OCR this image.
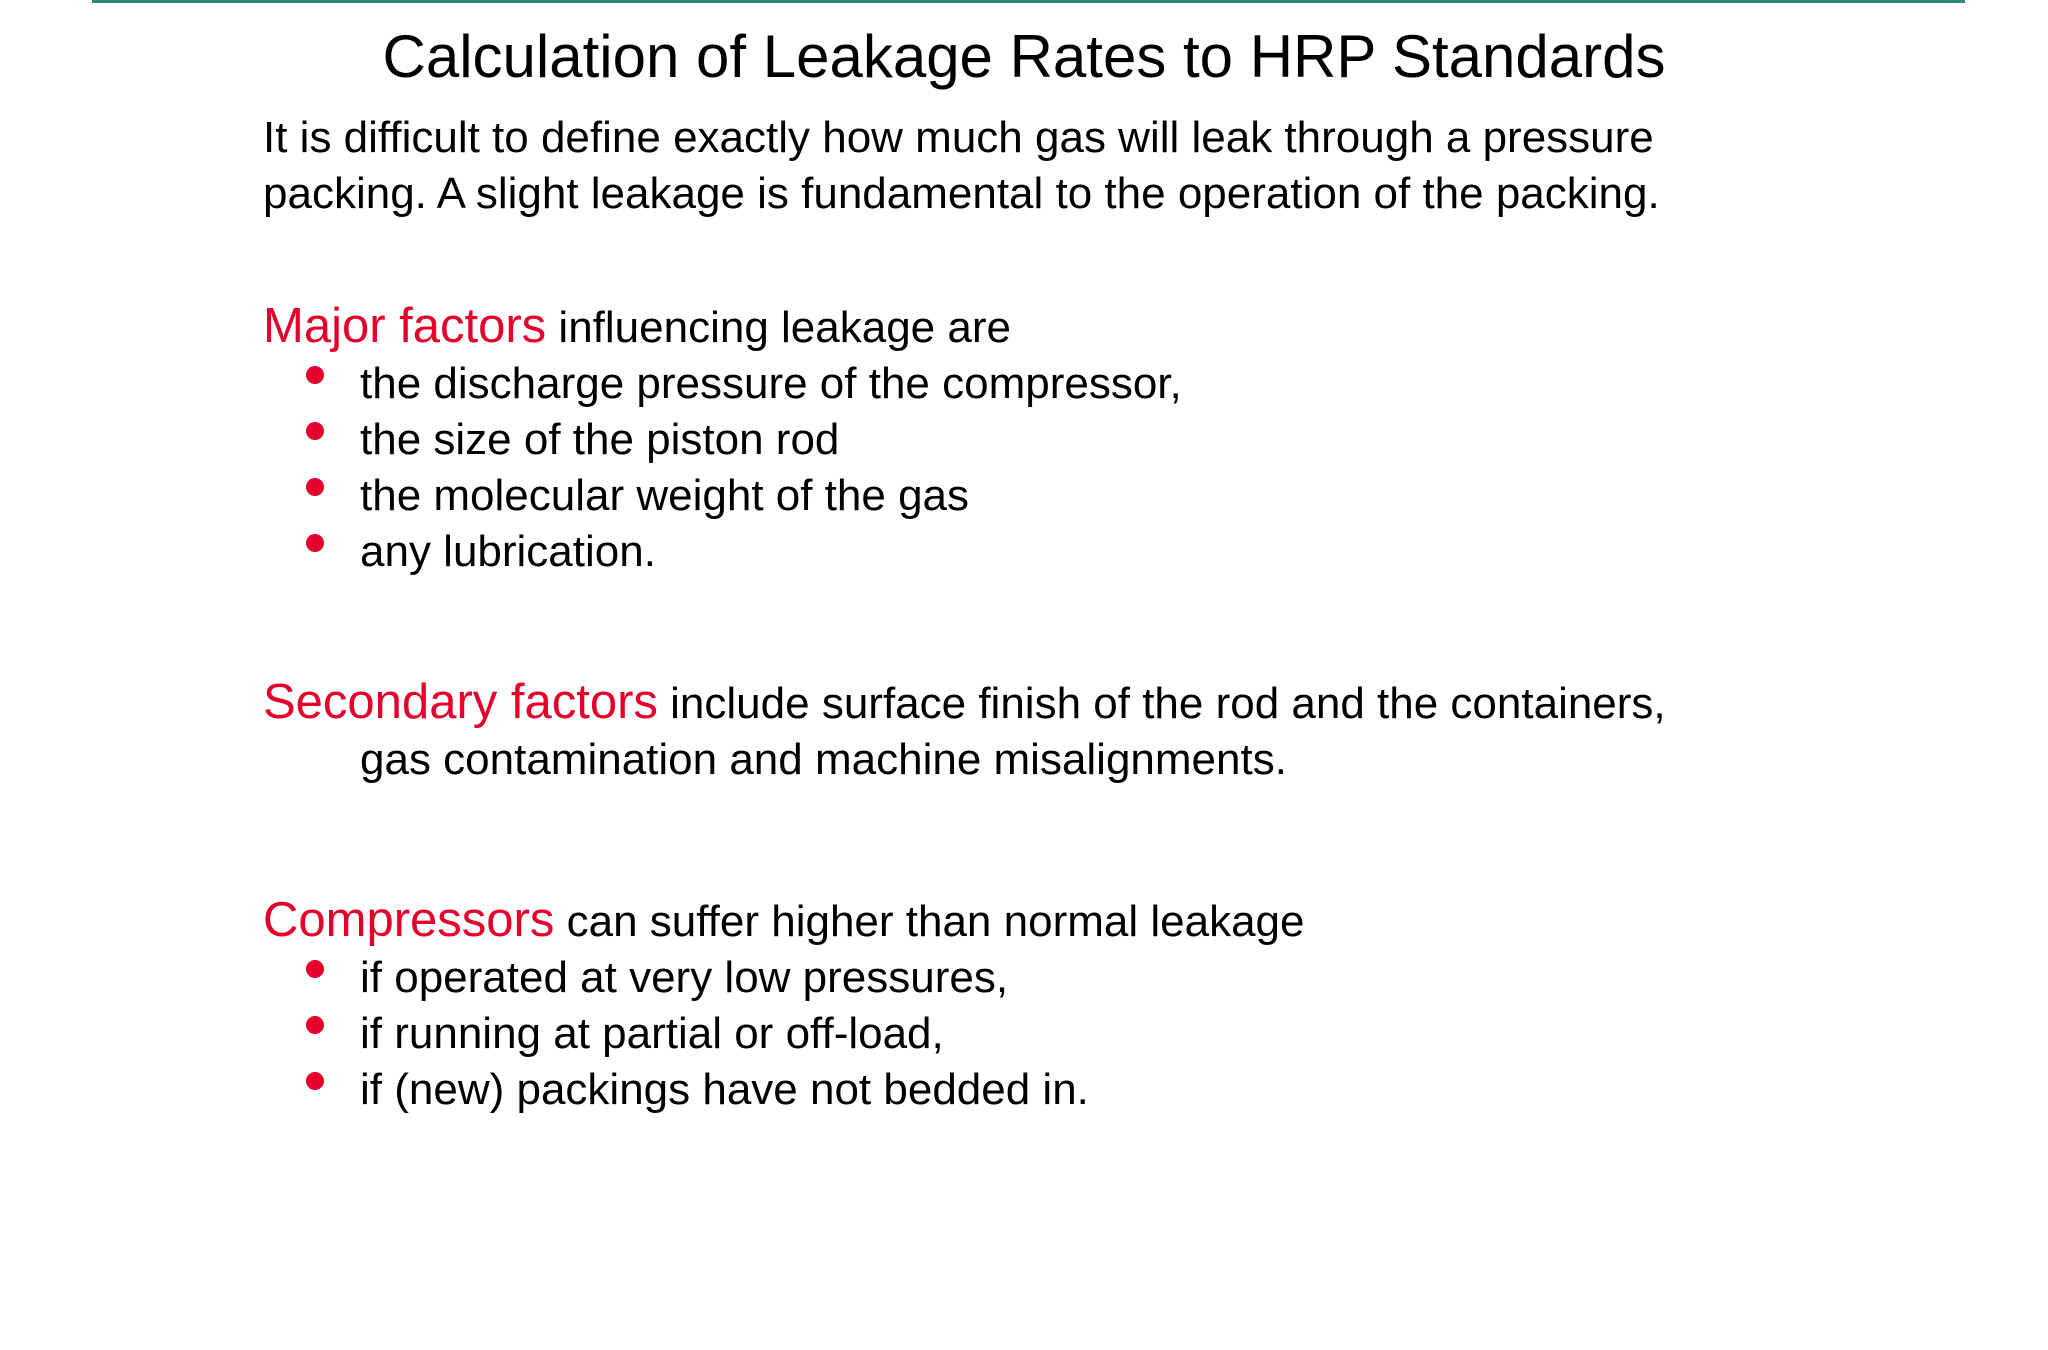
Calculation of Leakage Rates to HRP Standards
It is difficult to define exactly how much gas will leak through a pressure
packing. A slight leakage is fundamental to the operation of the packing.
Major factors influencing leakage are
the discharge pressure of the compressor,
the size of the piston rod
the molecular weight of the gas
any lubrication.
Secondary factors include surface finish of the rod and the containers,
gas contamination and machine misalignments.
Compressors can suffer higher than normal leakage
if operated at very low pressures,
if running at partial or off-load,
if (new) packings have not bedded in.
